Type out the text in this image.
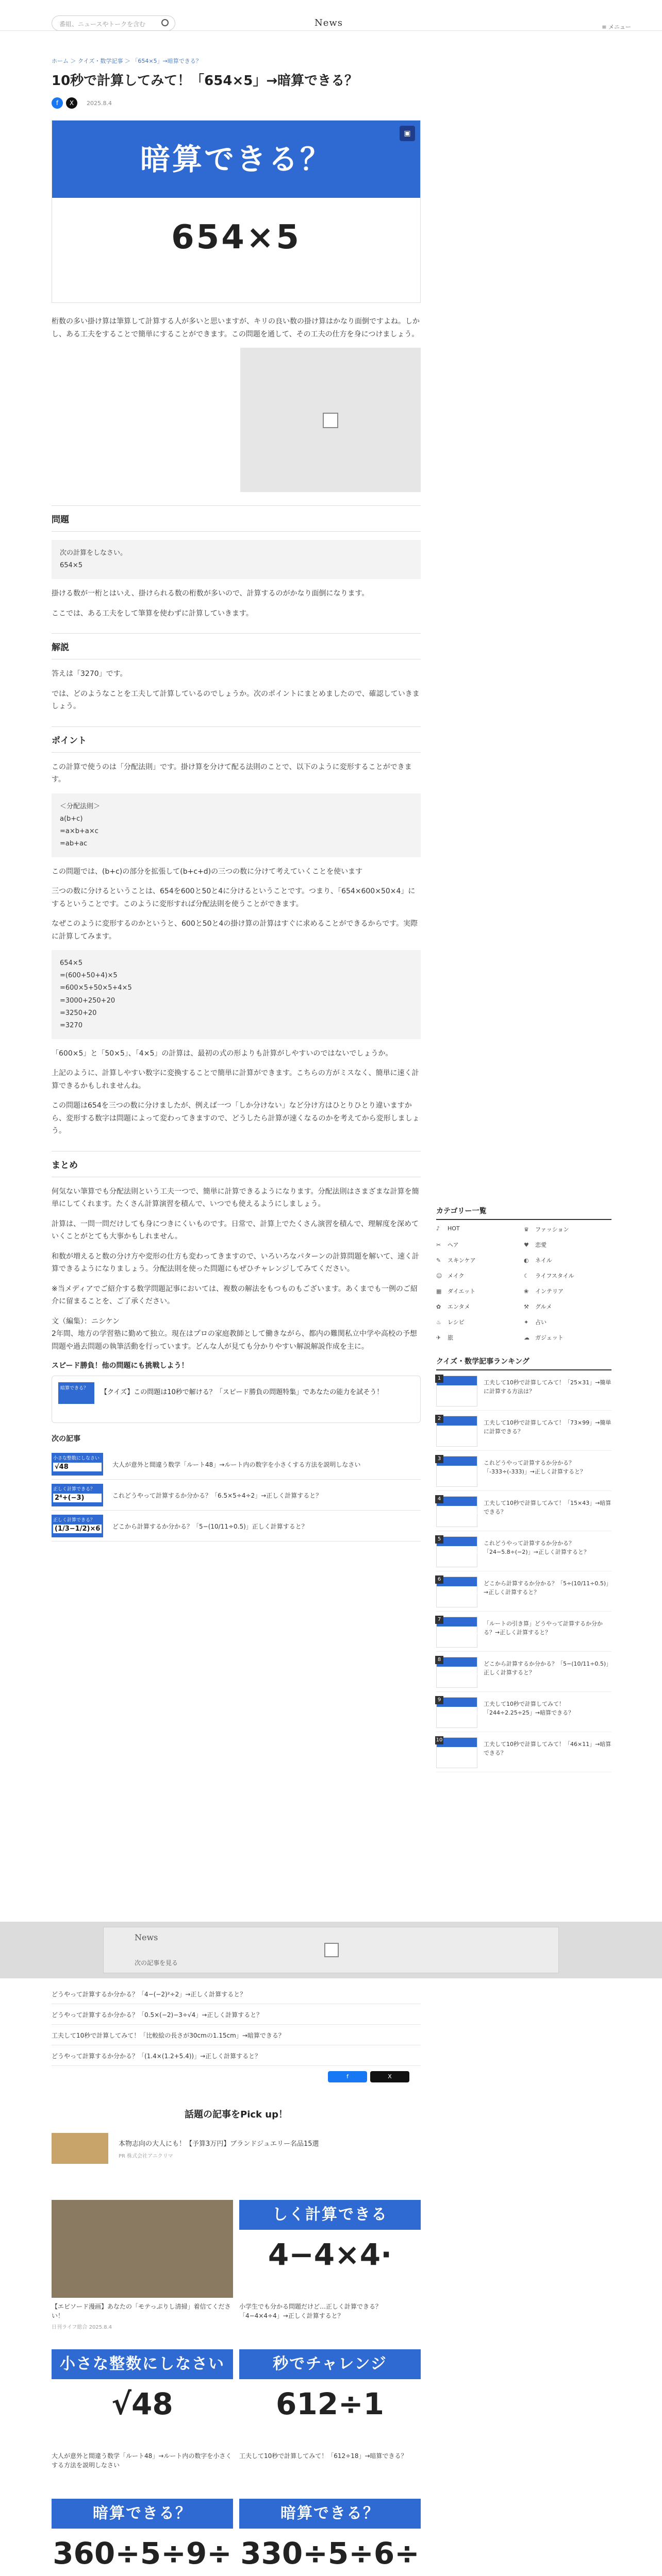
番組、ニュースやトークを含む	News	≡ メニュー
ホーム ＞ クイズ・数学記事 ＞ 「654×5」→暗算できる？
10秒で計算してみて！「654×5」→暗算できる？
f X 2025.8.4
暗算できる？
▣
654×5

桁数の多い掛け算は筆算して計算する人が多いと思いますが、キリの良い数の掛け算はかなり面倒ですよね。しかし、ある工夫をすることで簡単にすることができます。この問題を通して、その工夫の仕方を身につけましょう。

問題
次の計算をしなさい。
654×5

掛ける数が一桁とはいえ、掛けられる数の桁数が多いので、計算するのがかなり面倒になります。

ここでは、ある工夫をして筆算を使わずに計算していきます。

解説

答えは「3270」です。

では、どのようなことを工夫して計算しているのでしょうか。次のポイントにまとめましたので、確認していきましょう。

ポイント

この計算で使うのは「分配法則」です。掛け算を分けて配る法則のことで、以下のように変形することができます。

＜分配法則＞
a(b+c)
=a×b+a×c
=ab+ac

この問題では、(b+c)の部分を拡張して(b+c+d)の三つの数に分けて考えていくことを使います

三つの数に分けるということは、654を600と50と4に分けるということです。つまり、「654×600×50×4」にするということです。このように変形すれば分配法則を使うことができます。

なぜこのように変形するのかというと、600と50と4の掛け算の計算はすぐに求めることができるからです。実際に計算してみます。

654×5
=(600+50+4)×5
=600×5+50×5+4×5
=3000+250+20
=3250+20
=3270

「600×5」と「50×5」、「4×5」の計算は、最初の式の形よりも計算がしやすいのではないでしょうか。

上記のように、計算しやすい数字に変換することで簡単に計算ができます。こちらの方がミスなく、簡単に速く計算できるかもしれませんね。

この問題は654を三つの数に分けましたが、例えば一つ「しか分けない」など分け方はひとりひとり違いますから、変形する数字は問題によって変わってきますので、どうしたら計算が速くなるのかを考えてから変形しましょう。

まとめ

何気ない筆算でも分配法則という工夫一つで、簡単に計算できるようになります。分配法則はさまざまな計算を簡単にしてくれます。たくさん計算演習を積んで、いつでも使えるようにしましょう。

計算は、一問一問だけしても身につきにくいものです。日常で、計算上でたくさん演習を積んで、理解度を深めていくことがとても大事かもしれません。

和数が増えると数の分け方や変形の仕方も変わってきますので、いろいろなパターンの計算問題を解いて、速く計算できるようになりましょう。分配法則を使った問題にもぜひチャレンジしてみてください。

※当メディアでご紹介する数学問題記事においては、複数の解法をもつものもございます。あくまでも一例のご紹介に留まることを、ご了承ください。

文（編集）：ニシケン
2年間、地方の学習塾に勤めて独立。現在はプロの家庭教師として働きながら、都内の難関私立中学や高校の予想問題や過去問題の執筆活動を行っています。どんな人が見ても分かりやすい解説解説作成を主に。

スピード勝負！他の問題にも挑戦しよう！
暗算できる？	【クイズ】この問題は10秒で解ける？「スピード勝負の問題特集」であなたの能力を試そう！
次の記事
小さな整数にしなさい
√48	大人が意外と間違う数学「ルート48」→ルート内の数字を小さくする方法を説明しなさい
正しく計算できる？
2⁴+(−3)	これどうやって計算するか分かる？「6.5×5÷4÷2」→正しく計算すると？
正しく計算できる？
(1/3−1/2)×6 どこから計算するか分かる？「5−(10/11÷0.5)」正しく計算すると？
カテゴリー一覧
♪ HOT	♛ ファッション
✂ ヘア	♥ 恋愛
✎ スキンケア	◐ ネイル
☺ メイク	☾ ライフスタイル
▦ ダイエット	❀ インテリア
✿ エンタメ	⚒ グルメ
♨ レシピ	✦ 占い
✈ 旅	☁ ガジェット
クイズ・数学記事ランキング
暗算できる？
1
工夫して10秒で計算してみて！「25×31」→簡単に計算する方法は？
暗算できる？
2
工夫して10秒で計算してみて！「73×99」→簡単に計算できる？
暗算できる？
3
これどうやって計算するか分かる？「-333÷(-333)」→正しく計算すると？
正しく計算できる？
4
工夫して10秒で計算してみて！「15×43」→暗算できる？
10秒でチャレンジ
5
これどうやって計算するか分かる？「24−5.8÷(−2)」→正しく計算すると？
正しく計算できる？
6
どこから計算するか分かる？「5÷(10/11÷0.5)」→正しく計算すると？
正しく計算できる？
7
「ルートの引き算」どうやって計算するか分かる？→正しく計算すると？
正しく計算できる？
8
どこから計算するか分かる？「5−(10/11÷0.5)」正しく計算すると？
10秒でチャレンジ
9
工夫して10秒で計算してみて！「244÷2.25÷25」→暗算できる？
暗算できる？
10
工夫して10秒で計算してみて！「46×11」→暗算できる？
News
次の記事を見る
どうやって計算するか分かる？「4−(−2)²÷2」→正しく計算すると？
どうやって計算するか分かる？「0.5×(−2)−3÷√4」→正しく計算すると？
工夫して10秒で計算してみて！「比較絵の長さが30cmの1.15cm」→暗算できる？
どうやって計算するか分かる？「(1.4×(1.2+5.4))」→正しく計算すると？
f	X
話題の記事をPick up！
本物志向の大人にも！【予算3万円】ブランドジュエリー名品15選
PR 株式会社アニクリマ
【エピソード漫画】あなたの「モテっぷりし清掃」着信てください！
日刊ライフ総合 2025.8.4
しく計算できる
4−4×4·
小学生でも分かる問題だけど…正しく計算できる？「4−4×4÷4」→正しく計算すると？
小さな整数にしなさい
√48
大人が意外と間違う数学「ルート48」→ルート内の数字を小さくする方法を説明しなさい
秒でチャレンジ
612÷1
工夫して10秒で計算してみて！「612÷18」→暗算できる？
暗算できる？
360÷5÷9÷
暗算できる？
330÷5÷6÷
